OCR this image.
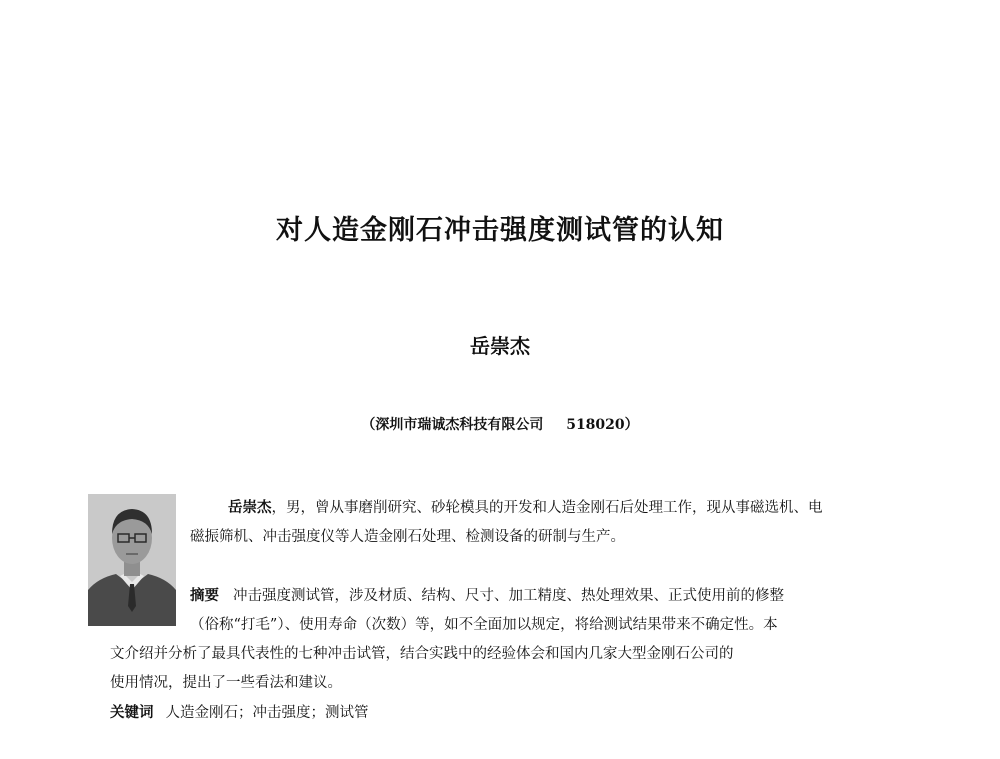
对人造金刚石冲击强度测试管的认知
岳崇杰
（深圳市瑞诚杰科技有限公司 518020）
岳崇杰，男，曾从事磨削研究、砂轮模具的开发和人造金刚石后处理工作，现从事磁选机、电
磁振筛机、冲击强度仪等人造金刚石处理、检测设备的研制与生产。
摘要 冲击强度测试管，涉及材质、结构、尺寸、加工精度、热处理效果、正式使用前的修整
（俗称“打毛”）、使用寿命（次数）等，如不全面加以规定，将给测试结果带来不确定性。本
文介绍并分析了最具代表性的七种冲击试管，结合实践中的经验体会和国内几家大型金刚石公司的
使用情况，提出了一些看法和建议。
关键词 人造金刚石；冲击强度；测试管
